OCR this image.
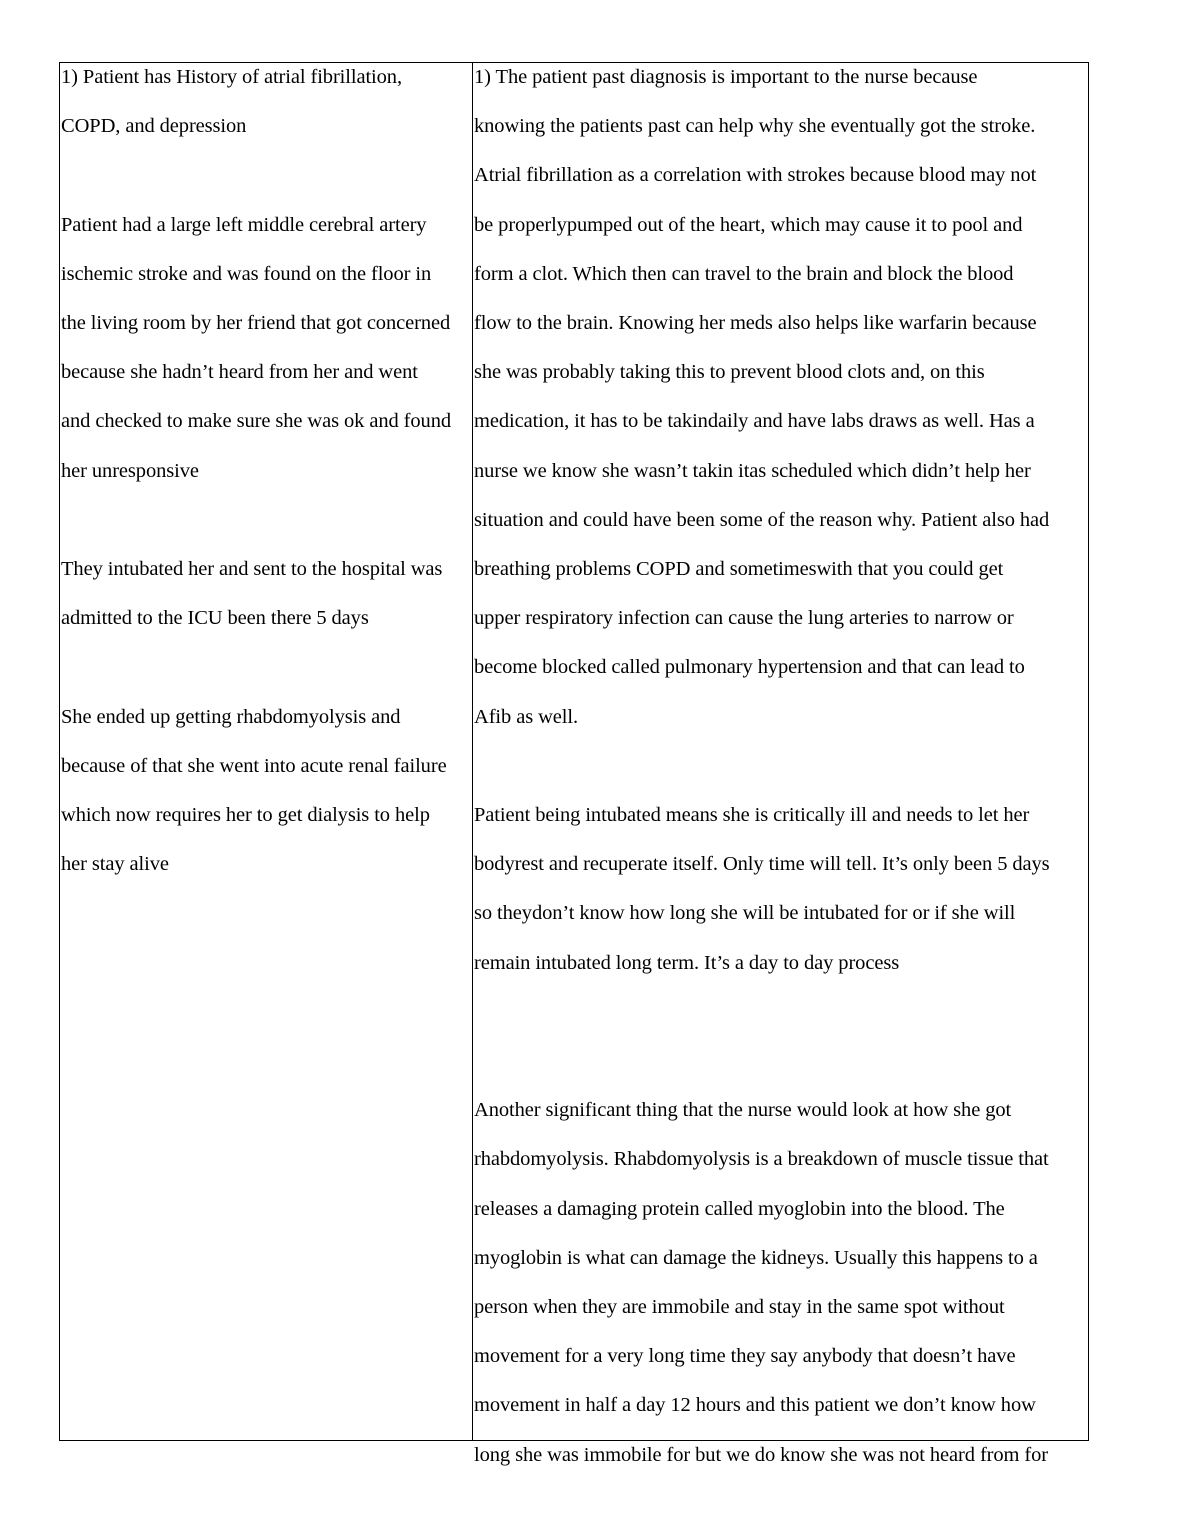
1) Patient has History of atrial fibrillation,
COPD, and depression
Patient had a large left middle cerebral artery
ischemic stroke and was found on the floor in
the living room by her friend that got concerned
because she hadn’t heard from her and went
and checked to make sure she was ok and found
her unresponsive
They intubated her and sent to the hospital was
admitted to the ICU been there 5 days
She ended up getting rhabdomyolysis and
because of that she went into acute renal failure
which now requires her to get dialysis to help
her stay alive
1) The patient past diagnosis is important to the nurse because
knowing the patients past can help why she eventually got the stroke.
Atrial fibrillation as a correlation with strokes because blood may not
be properlypumped out of the heart, which may cause it to pool and
form a clot. Which then can travel to the brain and block the blood
flow to the brain. Knowing her meds also helps like warfarin because
she was probably taking this to prevent blood clots and, on this
medication, it has to be takindaily and have labs draws as well. Has a
nurse we know she wasn’t takin itas scheduled which didn’t help her
situation and could have been some of the reason why. Patient also had
breathing problems COPD and sometimeswith that you could get
upper respiratory infection can cause the lung arteries to narrow or
become blocked called pulmonary hypertension and that can lead to
Afib as well.
Patient being intubated means she is critically ill and needs to let her
bodyrest and recuperate itself. Only time will tell. It’s only been 5 days
so theydon’t know how long she will be intubated for or if she will
remain intubated long term. It’s a day to day process
Another significant thing that the nurse would look at how she got
rhabdomyolysis. Rhabdomyolysis is a breakdown of muscle tissue that
releases a damaging protein called myoglobin into the blood. The
myoglobin is what can damage the kidneys. Usually this happens to a
person when they are immobile and stay in the same spot without
movement for a very long time they say anybody that doesn’t have
movement in half a day 12 hours and this patient we don’t know how
long she was immobile for but we do know she was not heard from for
